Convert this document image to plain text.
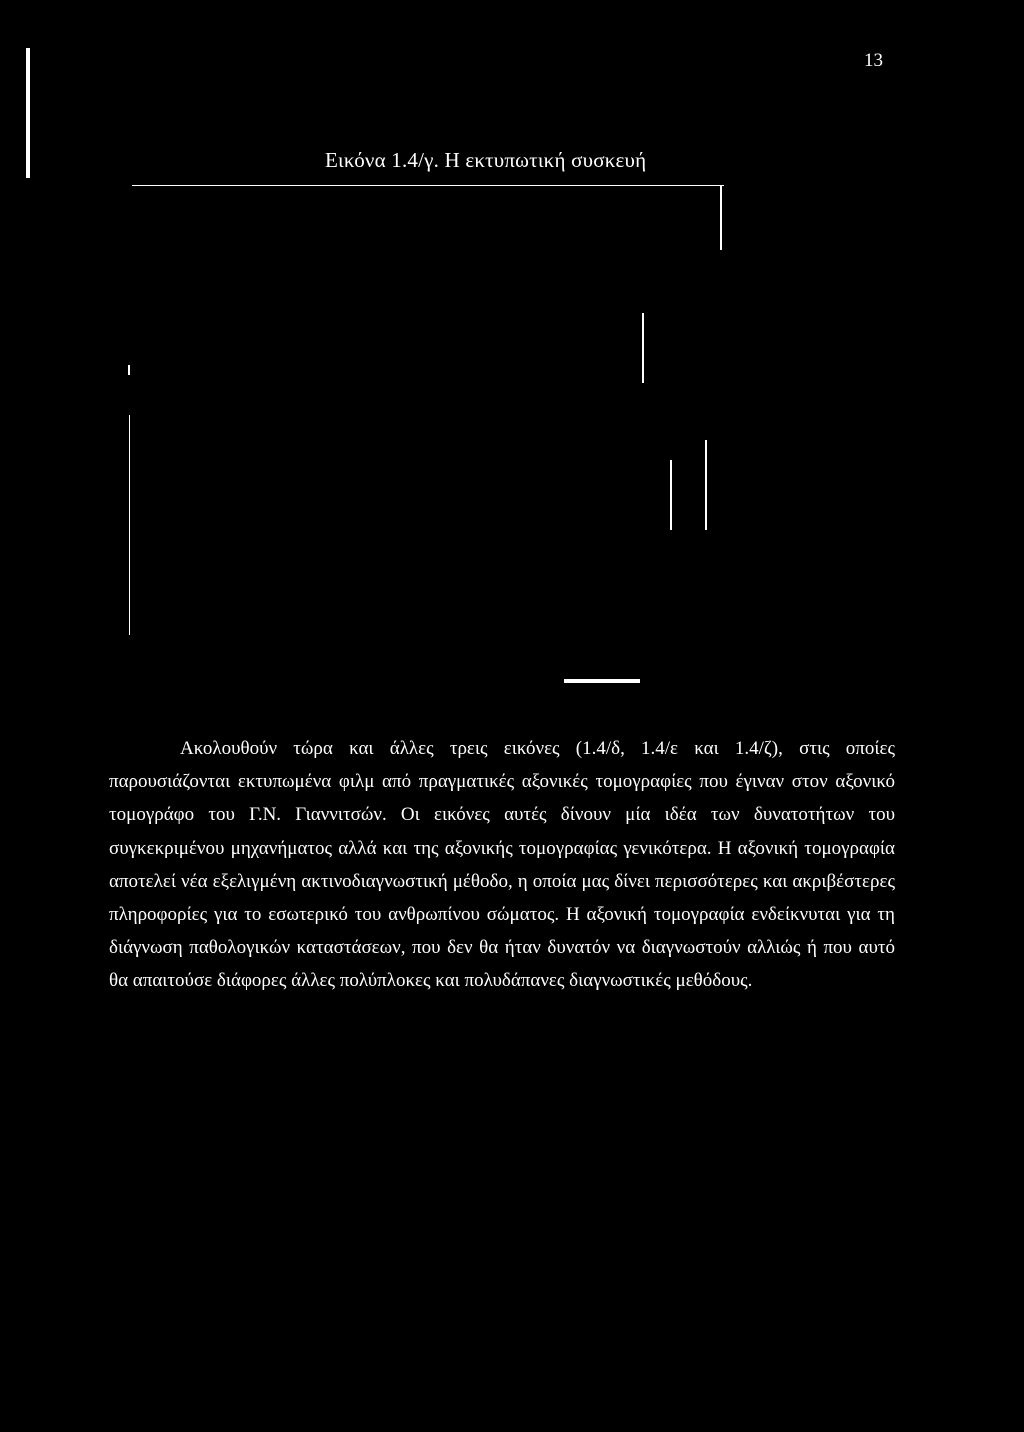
13
Εικόνα 1.4/γ. Η εκτυπωτική συσκευή

Ακολουθούν τώρα και άλλες τρεις εικόνες (1.4/δ, 1.4/ε και 1.4/ζ), στις οποίες παρουσιάζονται εκτυπωμένα φιλμ από πραγματικές αξονικές τομογραφίες που έγιναν στον αξονικό τομογράφο του Γ.Ν. Γιαννιτσών. Οι εικόνες αυτές δίνουν μία ιδέα των δυνατοτήτων του συγκεκριμένου μηχανήματος αλλά και της αξονικής τομογραφίας γενικότερα. Η αξονική τομογραφία αποτελεί νέα εξελιγμένη ακτινοδιαγνωστική μέθοδο, η οποία μας δίνει περισσότερες και ακριβέστερες πληροφορίες για το εσωτερικό του ανθρωπίνου σώματος. Η αξονική τομογραφία ενδείκνυται για τη διάγνωση παθολογικών καταστάσεων, που δεν θα ήταν δυνατόν να διαγνωστούν αλλιώς ή που αυτό θα απαιτούσε διάφορες άλλες πολύπλοκες και πολυδάπανες διαγνωστικές μεθόδους.
